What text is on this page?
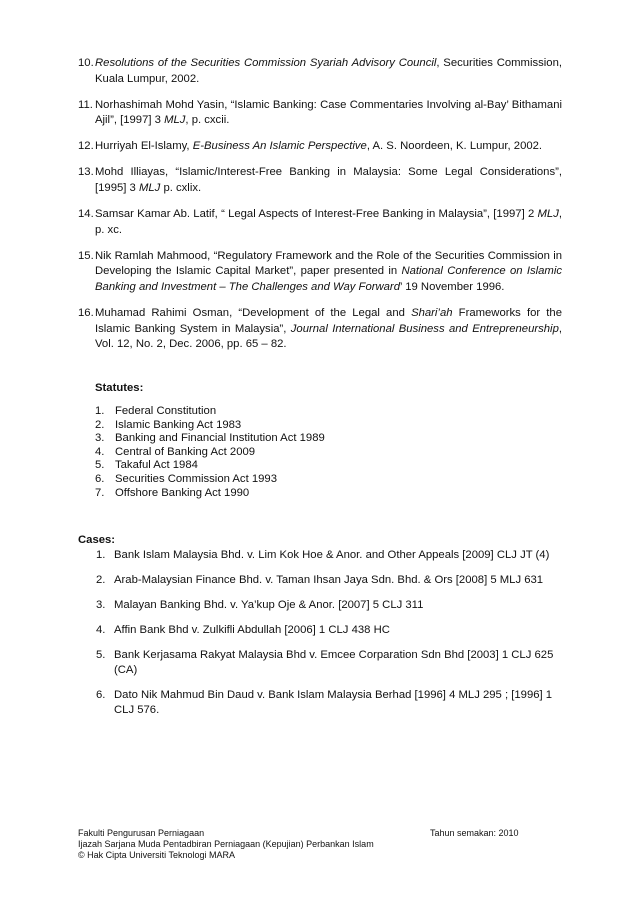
10. Resolutions of the Securities Commission Syariah Advisory Council, Securities Commission, Kuala Lumpur, 2002.
11. Norhashimah Mohd Yasin, “Islamic Banking: Case Commentaries Involving al-Bay’ Bithamani Ajil”, [1997] 3 MLJ, p. cxcii.
12. Hurriyah El-Islamy, E-Business An Islamic Perspective, A. S. Noordeen, K. Lumpur, 2002.
13. Mohd Illiayas, “Islamic/Interest-Free Banking in Malaysia: Some Legal Considerations”, [1995] 3 MLJ p. cxlix.
14. Samsar Kamar Ab. Latif, “ Legal Aspects of Interest-Free Banking in Malaysia”, [1997] 2 MLJ, p. xc.
15. Nik Ramlah Mahmood, “Regulatory Framework and the Role of the Securities Commission in Developing the Islamic Capital Market”, paper presented in National Conference on Islamic Banking and Investment – The Challenges and Way Forward’ 19 November 1996.
16. Muhamad Rahimi Osman, “Development of the Legal and Shari’ah Frameworks for the Islamic Banking System in Malaysia”, Journal International Business and Entrepreneurship, Vol. 12, No. 2, Dec. 2006, pp. 65 – 82.
Statutes:
1. Federal Constitution
2. Islamic Banking Act 1983
3. Banking and Financial Institution Act 1989
4. Central of Banking Act 2009
5. Takaful Act 1984
6. Securities Commission Act 1993
7. Offshore Banking Act 1990
Cases:
1. Bank Islam Malaysia Bhd. v. Lim Kok Hoe & Anor. and Other Appeals [2009] CLJ JT (4)
2. Arab-Malaysian Finance Bhd. v. Taman Ihsan Jaya Sdn. Bhd. & Ors [2008] 5 MLJ 631
3. Malayan Banking Bhd. v. Ya’kup Oje & Anor. [2007] 5 CLJ 311
4. Affin Bank Bhd v. Zulkifli Abdullah [2006] 1 CLJ 438 HC
5. Bank Kerjasama Rakyat Malaysia Bhd v. Emcee Corparation Sdn Bhd [2003] 1 CLJ 625 (CA)
6. Dato Nik Mahmud Bin Daud v. Bank Islam Malaysia Berhad [1996] 4 MLJ 295 ; [1996] 1 CLJ 576.
Fakulti Pengurusan Perniagaan	Tahun semakan: 2010
Ijazah Sarjana Muda Pentadbiran Perniagaan (Kepujian) Perbankan Islam
© Hak Cipta Universiti Teknologi MARA
